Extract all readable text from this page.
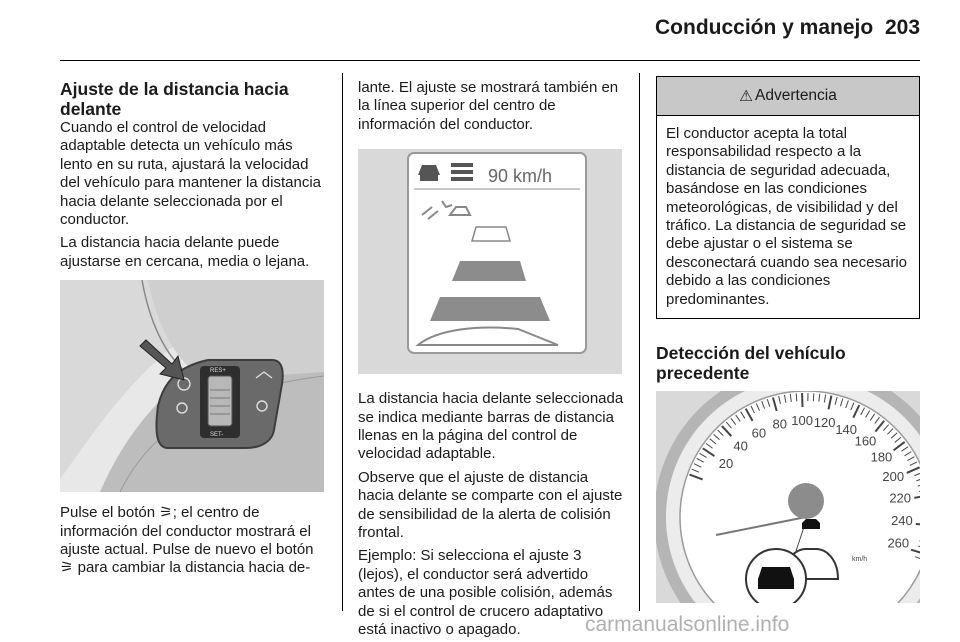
Conducción y manejo 203
Ajuste de la distancia hacia delante

Cuando el control de velocidad adaptable detecta un vehículo más lento en su ruta, ajustará la velocidad del vehículo para mantener la distancia hacia delante seleccionada por el conductor.

La distancia hacia delante puede ajustarse en cercana, media o lejana.

RES+
SET-

Pulse el botón ⚞; el centro de información del conductor mostrará el ajuste actual. Pulse de nuevo el botón ⚞ para cambiar la distancia hacia de-

lante. El ajuste se mostrará también en la línea superior del centro de información del conductor.

90 km/h

La distancia hacia delante seleccionada se indica mediante barras de distancia llenas en la página del control de velocidad adaptable.

Observe que el ajuste de distancia hacia delante se comparte con el ajuste de sensibilidad de la alerta de colisión frontal.

Ejemplo: Si selecciona el ajuste 3 (lejos), el conductor será advertido antes de una posible colisión, además de si el control de crucero adaptativo está inactivo o apagado.

⚠ Advertencia

El conductor acepta la total responsabilidad respecto a la distancia de seguridad adecuada, basándose en las condiciones meteorológicas, de visibilidad y del tráfico. La distancia de seguridad se debe ajustar o el sistema se desconectará cuando sea necesario debido a las condiciones predominantes.

Detección del vehículo precedente
20
40
60
80 100 120 140
160
180
200
220
240
260
km/h
carmanualsonline.info
